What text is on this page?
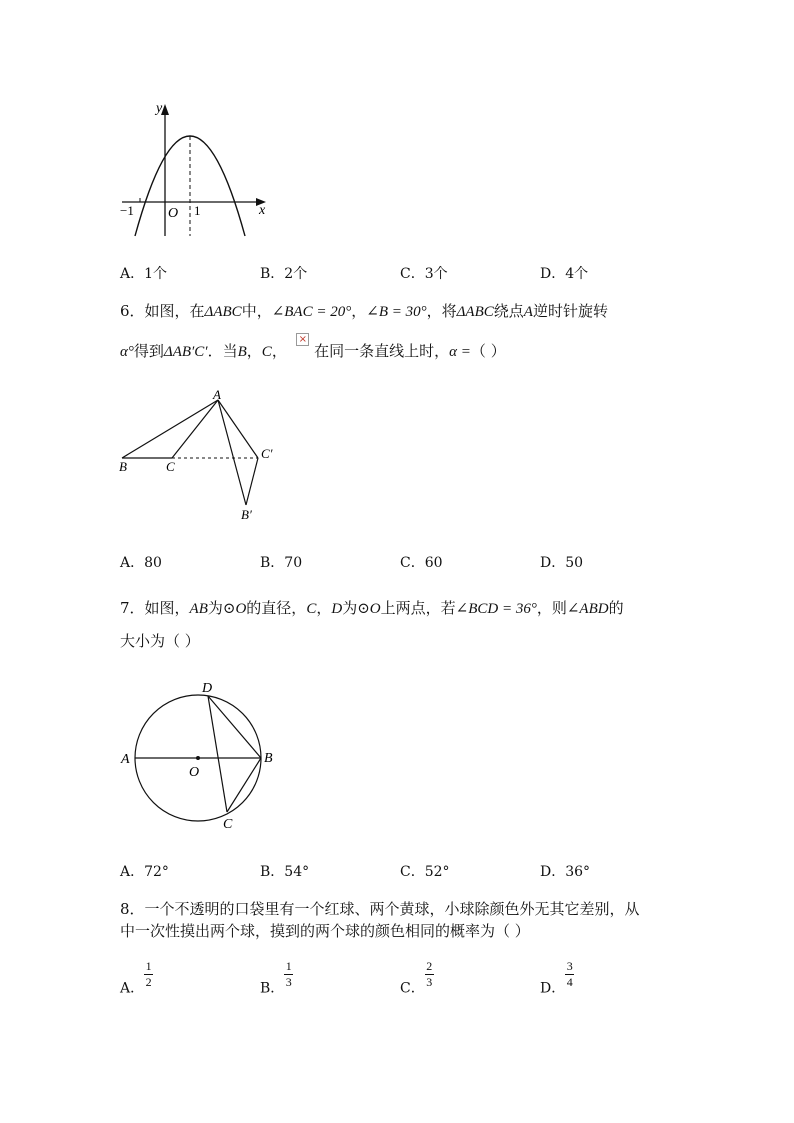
y
x
O
−1	1
A．1个	B．2个	C．3个	D．4个
6．如图，在ΔABC中，∠BAC = 20°，∠B = 30°，将ΔABC绕点A逆时针旋转
α°得到ΔAB′C′．当B，C，  × 在同一条直线上时，α =（ ）
A
B	C
C′
B′
A．80	B．70	C．60	D．50
7．如图，AB为⊙O的直径，C，D为⊙O上两点，若∠BCD = 36°，则∠ABD的
大小为（ ）
A	B
C
D
O
A．72°	B．54°	C．52°	D．36°
8．一个不透明的口袋里有一个红球、两个黄球，小球除颜色外无其它差别，从
中一次性摸出两个球，摸到的两个球的颜色相同的概率为（ ）
A． $\frac{1}{2}$	B． $\frac{1}{3}$	C． $\frac{2}{3}$	D． $\frac{3}{4}$
